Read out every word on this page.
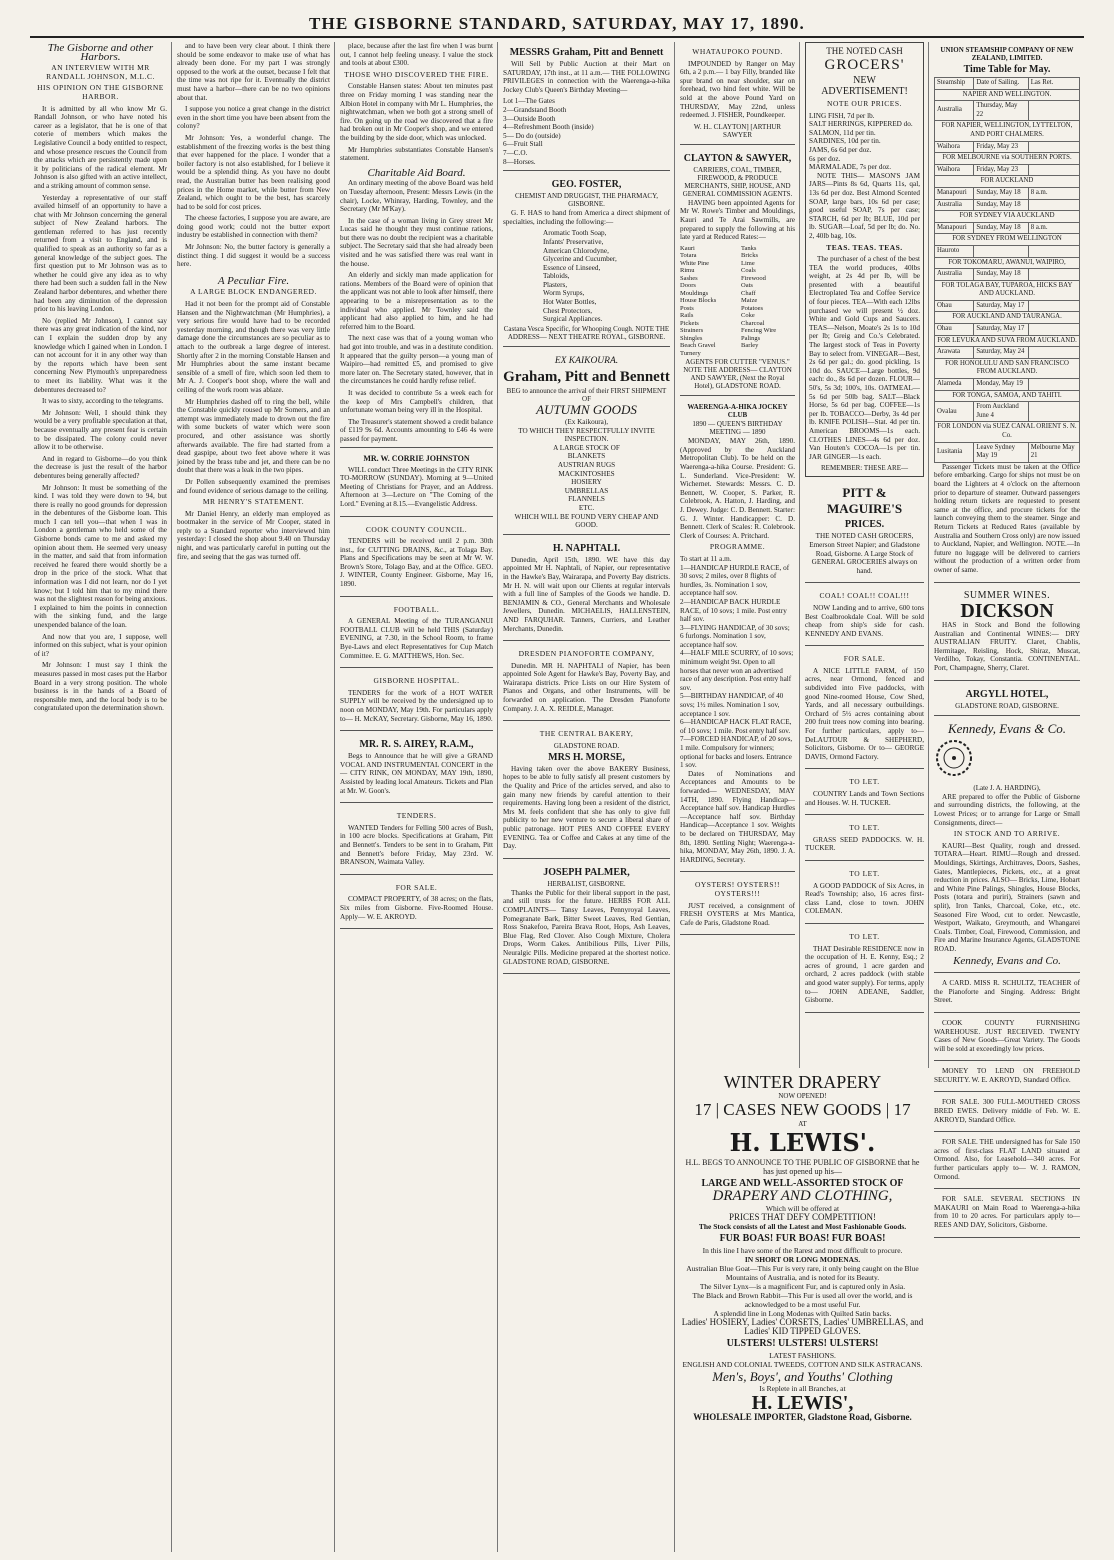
THE GISBORNE STANDARD, SATURDAY, MAY 17, 1890.
The Gisborne and other Harbors.
AN INTERVIEW WITH MR RANDALL JOHNSON, M.L.C.
HIS OPINION ON THE GISBORNE HARBOR.

It is admitted by all who know Mr G. Randall Johnson, or who have noted his career as a legislator, that he is one of that coterie of members which makes the Legislative Council a body entitled to respect, and whose presence rescues the Council from the attacks which are persistently made upon it by politicians of the radical element. Mr Johnson is also gifted with an active intellect, and a striking amount of common sense.

Yesterday a representative of our staff availed himself of an opportunity to have a chat with Mr Johnson concerning the general subject of New Zealand harbors. The gentleman referred to has just recently returned from a visit to England, and is qualified to speak as an authority so far as a general knowledge of the subject goes. The first question put to Mr Johnson was as to whether he could give any idea as to why there had been such a sudden fall in the New Zealand harbor debentures, and whether there had been any diminution of the depression prior to his leaving London.

No (replied Mr Johnson), I cannot say there was any great indication of the kind, nor can I explain the sudden drop by any knowledge which I gained when in London. I can not account for it in any other way than by the reports which have been sent concerning New Plymouth's unpreparedness to meet its liability. What was it the debentures decreased to?

It was to sixty, according to the telegrams.

Mr Johnson: Well, I should think they would be a very profitable speculation at that, because eventually any present fear is certain to be dissipated. The colony could never allow it to be otherwise.

And in regard to Gisborne—do you think the decrease is just the result of the harbor debentures being generally affected?

Mr Johnson: It must be something of the kind. I was told they were down to 94, but there is really no good grounds for depression in the debentures of the Gisborne loan. This much I can tell you—that when I was in London a gentleman who held some of the Gisborne bonds came to me and asked my opinion about them. He seemed very uneasy in the matter, and said that from information received he feared there would shortly be a drop in the price of the stock. What that information was I did not learn, nor do I yet know; but I told him that to my mind there was not the slightest reason for being anxious. I explained to him the points in connection with the sinking fund, and the large unexpended balance of the loan.

And now that you are, I suppose, well informed on this subject, what is your opinion of it?

Mr Johnson: I must say I think the measures passed in most cases put the Harbor Board in a very strong position. The whole business is in the hands of a Board of responsible men, and the local body is to be congratulated upon the determination shown.

and to have been very clear about. I think there should be some endeavor to make use of what has already been done. For my part I was strongly opposed to the work at the outset, because I felt that the time was not ripe for it. Eventually the district must have a harbor—there can be no two opinions about that.

I suppose you notice a great change in the district even in the short time you have been absent from the colony?

Mr Johnson: Yes, a wonderful change. The establishment of the freezing works is the best thing that ever happened for the place. I wonder that a boiler factory is not also established, for I believe it would be a splendid thing. As you have no doubt read, the Australian butter has been realising good prices in the Home market, while butter from New Zealand, which ought to be the best, has scarcely had to be sold for cost prices.

The cheese factories, I suppose you are aware, are doing good work; could not the butter export industry be established in connection with them?

Mr Johnson: No, the butter factory is generally a distinct thing. I did suggest it would be a success here.

A Peculiar Fire.
A LARGE BLOCK ENDANGERED.

Had it not been for the prompt aid of Constable Hansen and the Nightwatchman (Mr Humphries), a very serious fire would have had to be recorded yesterday morning, and though there was very little damage done the circumstances are so peculiar as to attach to the outbreak a large degree of interest. Shortly after 2 in the morning Constable Hansen and Mr Humphries about the same instant became sensible of a smell of fire, which soon led them to Mr A. J. Cooper's boot shop, where the wall and ceiling of the work room was ablaze.

Mr Humphries dashed off to ring the bell, while the Constable quickly roused up Mr Somers, and an attempt was immediately made to drown out the fire with some buckets of water which were soon procured, and other assistance was shortly afterwards available. The fire had started from a dead gaspipe, about two feet above where it was joined by the brass tube and jet, and there can be no doubt that there was a leak in the two pipes.

Dr Pollen subsequently examined the premises and found evidence of serious damage to the ceiling.

MR HENRY'S STATEMENT.

Mr Daniel Henry, an elderly man employed as bootmaker in the service of Mr Cooper, stated in reply to a Standard reporter who interviewed him yesterday: I closed the shop about 9.40 on Thursday night, and was particularly careful in putting out the fire, and seeing that the gas was turned off.

place, because after the last fire when I was burnt out, I cannot help feeling uneasy. I value the stock and tools at about £300.

THOSE WHO DISCOVERED THE FIRE.

Constable Hansen states: About ten minutes past three on Friday morning I was standing near the Albion Hotel in company with Mr L. Humphries, the nightwatchman, when we both got a strong smell of fire. On going up the road we discovered that a fire had broken out in Mr Cooper's shop, and we entered the building by the side door, which was unlocked.

Mr Humphries substantiates Constable Hansen's statement.

Charitable Aid Board.

An ordinary meeting of the above Board was held on Tuesday afternoon, Present: Messrs Lewis (in the chair), Locke, Whinray, Harding, Townley, and the Secretary (Mr M'Kay).

In the case of a woman living in Grey street Mr Lucas said he thought they must continue rations, but there was no doubt the recipient was a charitable subject. The Secretary said that she had already been visited and he was satisfied there was real want in the house.

An elderly and sickly man made application for rations. Members of the Board were of opinion that the applicant was not able to look after himself, there appearing to be a misrepresentation as to the individual who applied. Mr Townley said the applicant had also applied to him, and he had referred him to the Board.

The next case was that of a young woman who had got into trouble, and was in a destitute condition. It appeared that the guilty person—a young man of Waipiro—had remitted £5, and promised to give more later on. The Secretary stated, however, that in the circumstances he could hardly refuse relief.

It was decided to contribute 5s a week each for the keep of Mrs Campbell's children, that unfortunate woman being very ill in the Hospital.

The Treasurer's statement showed a credit balance of £119 9s 6d. Accounts amounting to £46 4s were passed for payment.

MR. W. CORRIE JOHNSTON

WILL conduct Three Meetings in the CITY RINK TO-MORROW (SUNDAY). Morning at 9—United Meeting of Christians for Prayer, and an Address. Afternoon at 3—Lecture on "The Coming of the Lord." Evening at 8.15.—Evangelistic Address.

COOK COUNTY COUNCIL.

TENDERS will be received until 2 p.m. 30th inst., for CUTTING DRAINS, &c., at Tolaga Bay. Plans and Specifications may be seen at Mr W. W. Brown's Store, Tolago Bay, and at the Office. GEO. J. WINTER, County Engineer. Gisborne, May 16, 1890.

FOOTBALL.

A GENERAL Meeting of the TURANGANUI FOOTBALL CLUB will be held THIS (Saturday) EVENING, at 7.30, in the School Room, to frame Bye-Laws and elect Representatives for Cup Match Committee. E. G. MATTHEWS, Hon. Sec.

GISBORNE HOSPITAL.

TENDERS for the work of a HOT WATER SUPPLY will be received by the undersigned up to noon on MONDAY, May 19th. For particulars apply to— H. McKAY, Secretary. Gisborne, May 16, 1890.

MR. R. S. AIREY, R.A.M.,

Begs to Announce that he will give a GRAND VOCAL AND INSTRUMENTAL CONCERT in the— CITY RINK, ON MONDAY, MAY 19th, 1890, Assisted by leading local Amateurs. Tickets and Plan at Mr. W. Goon's.

TENDERS.

WANTED Tenders for Felling 500 acres of Bush, in 100 acre blocks. Specifications at Graham, Pitt and Bennett's. Tenders to be sent in to Graham, Pitt and Bennett's before Friday, May 23rd. W. BRANSON, Waimata Valley.

FOR SALE.

COMPACT PROPERTY, of 38 acres; on the flats, Six miles from Gisborne. Five-Roomed House. Apply— W. E. AKROYD.

MESSRS Graham, Pitt and Bennett

Will Sell by Public Auction at their Mart on SATURDAY, 17th inst., at 11 a.m.— THE FOLLOWING PRIVILEGES in connection with the Waerenga-a-hika Jockey Club's Queen's Birthday Meeting—

Lot 1—The Gates
2—Grandstand Booth
3—Outside Booth
4—Refreshment Booth (inside)
5— Do do (outside)
6—Fruit Stall
7—C.O.
8—Horses.
GEO. FOSTER,
CHEMIST AND DRUGGIST, THE PHARMACY, GISBORNE.

G. F. HAS to hand from America a direct shipment of specialties, including the following:—

Aromatic Tooth Soap,
Infants' Preservative,
American Chlorodyne,
Glycerine and Cucumber,
Essence of Linseed,
Tabloids,
Plasters,
Worm Syrups,
Hot Water Bottles,
Chest Protectors,
Surgical Appliances.
Castana Vesca Specific, for Whooping Cough. NOTE THE ADDRESS— NEXT THEATRE ROYAL, GISBORNE.
EX KAIKOURA.
Graham, Pitt and Bennett
BEG to announce the arrival of their FIRST SHIPMENT OF
AUTUMN GOODS
(Ex Kaikoura),
TO WHICH THEY RESPECTFULLY INVITE INSPECTION.
A LARGE STOCK OF
BLANKETS
AUSTRIAN RUGS
MACKINTOSHES
HOSIERY
UMBRELLAS
FLANNELS
ETC.
WHICH WILL BE FOUND VERY CHEAP AND GOOD.
H. NAPHTALI.

Dunedin, April 15th, 1890. WE have this day appointed Mr H. Naphtali, of Napier, our representative in the Hawke's Bay, Wairarapa, and Poverty Bay districts. Mr H. N. will wait upon our Clients at regular intervals with a full line of Samples of the Goods we handle. D. BENJAMIN & CO., General Merchants and Wholesale Jewellers, Dunedin. MICHAELIS, HALLENSTEIN, AND FARQUHAR. Tanners, Curriers, and Leather Merchants, Dunedin.

DRESDEN PIANOFORTE COMPANY,

Dunedin. MR H. NAPHTALI of Napier, has been appointed Sole Agent for Hawke's Bay, Poverty Bay, and Wairarapa districts. Price Lists on our Hire System of Pianos and Organs, and other Instruments, will be forwarded on application. The Dresden Pianoforte Company. J. A. X. REIDLE, Manager.

THE CENTRAL BAKERY,
GLADSTONE ROAD.
MRS H. MORSE,

Having taken over the above BAKERY Business, hopes to be able to fully satisfy all present customers by the Quality and Price of the articles served, and also to gain many new friends by careful attention to their requirements. Having long been a resident of the district, Mrs M. feels confident that she has only to give full publicity to her new venture to secure a liberal share of public patronage. HOT PIES AND COFFEE EVERY EVENING. Tea or Coffee and Cakes at any time of the Day.

JOSEPH PALMER,
HERBALIST, GISBORNE.

Thanks the Public for their liberal support in the past, and still trusts for the future. HERBS FOR ALL COMPLAINTS— Tansy Leaves, Pennyroyal Leaves, Pomegranate Bark, Bitter Sweet Leaves, Red Gentian, Ross Snakefoo, Pareira Brava Root, Hops, Ash Leaves, Blue Flag, Red Clover. Also Cough Mixture, Cholera Drops, Worm Cakes. Antibilious Pills, Liver Pills, Neuralgic Pills. Medicine prepared at the shortest notice. GLADSTONE ROAD, GISBORNE.

WHATAUPOKO POUND.

IMPOUNDED by Ranger on May 6th, a 2 p.m.— 1 bay Filly, branded like spur brand on near shoulder, star on forehead, two hind feet white. Will be sold at the above Pound Yard on THURSDAY, May 22nd, unless redeemed. J. FISHER, Poundkeeper.

W. H.. CLAYTON] [ARTHUR SAWYER
CLAYTON & SAWYER,
CARRIERS, COAL, TIMBER, FIREWOOD, & PRODUCE MERCHANTS, SHIP, HOUSE, AND GENERAL COMMISSION AGENTS.

HAVING been appointed Agents for Mr W. Rowe's Timber and Mouldings, Kauri and Te Arai Sawmills, are prepared to supply the following at his late yard at Reduced Rates:—

Kauri
Totara
White Pine
Rimu
Sashes
Doors
Mouldings
House Blocks
Posts
Rails
Pickets
Strainers
Shingles
Beach Gravel
Turnery
Tanks
Bricks
Lime
Coals
Firewood
Oats
Chaff
Maize
Potatoes
Coke
Charcoal
Fencing Wire
Palings
Barley
AGENTS FOR CUTTER "VENUS." NOTE THE ADDRESS— CLAYTON AND SAWYER, (Next the Royal Hotel), GLADSTONE ROAD.
WAERENGA-A-HIKA JOCKEY CLUB
1890 — QUEEN'S BIRTHDAY MEETING — 1890

MONDAY, MAY 26th, 1890. (Approved by the Auckland Metropolitan Club). To be held on the Waerenga-a-hika Course. President: G. L. Sunderland. Vice-President: W. Wichernet. Stewards: Messrs. C. D. Bennett, W. Cooper, S. Parker, R. Colebrook, A. Hatton, J. Harding, and J. Dewey. Judge: C. D. Bennett. Starter: G. J. Winter. Handicapper: C. D. Bennett. Clerk of Scales: R. Colebrook. Clerk of Courses: A. Pritchard.

PROGRAMME.
To start at 11 a.m.
1—HANDICAP HURDLE RACE, of 30 sovs; 2 miles, over 8 flights of hurdles, 3s. Nomination 1 sov, acceptance half sov.
2—HANDICAP BACK HURDLE RACE, of 10 sovs; 1 mile. Post entry half sov.
3—FLYING HANDICAP, of 30 sovs; 6 furlongs. Nomination 1 sov, acceptance half sov.
4—HALF MILE SCURRY, of 10 sovs; minimum weight 9st. Open to all horses that never won an advertised race of any description. Post entry half sov.
5—BIRTHDAY HANDICAP, of 40 sovs; 1½ miles. Nomination 1 sov, acceptance 1 sov.
6—HANDICAP HACK FLAT RACE, of 10 sovs; 1 mile. Post entry half sov.
7—FORCED HANDICAP, of 20 sovs, 1 mile. Compulsory for winners; optional for backs and losers. Entrance 1 sov.

Dates of Nominations and Acceptances and Amounts to be forwarded— WEDNESDAY, MAY 14TH, 1890. Flying Handicap—Acceptance half sov. Handicap Hurdles—Acceptance half sov. Birthday Handicap—Acceptance 1 sov. Weights to be declared on THURSDAY, May 8th, 1890. Settling Night; Waerenga-a-hika, MONDAY, May 26th, 1890. J. A. HARDING, Secretary.

OYSTERS! OYSTERS!! OYSTERS!!!

JUST received, a consignment of FRESH OYSTERS at Mrs Mantica, Cafe de Paris, Gladstone Road.

THE NOTED CASH
GROCERS'
NEW ADVERTISEMENT!
NOTE OUR PRICES.
LING FISH, 7d per lb.
SALT HERRINGS, KIPPERED do.
SALMON, 11d per tin.
SARDINES, 10d per tin.
JAMS, 6s 6d per doz.
6s per doz.
MARMALADE, 7s per doz.

NOTE THIS— MASON'S JAM JARS—Pints 8s 6d, Quarts 11s, qal, 13s 6d per doz. Best Almond Scented SOAP, large bars, 10s 6d per case; good useful SOAP, 7s per case; STARCH, 6d per lb; BLUE, 10d per lb. SUGAR—Loaf, 5d per lb; do. No. 2, 40lb bag, 10s.

TEAS. TEAS. TEAS.

The purchaser of a chest of the best TEA the world produces, 40lbs weight, at 2s 4d per lb, will be presented with a beautiful Electroplated Tea and Coffee Service of four pieces. TEA—With each 12lbs purchased we will present ½ doz. White and Gold Cups and Saucers. TEAS—Nelson, Moate's 2s 1s to 10d per lb; Greig and Co.'s Celebrated. The largest stock of Teas in Poverty Bay to select from. VINEGAR—Best, 2s 6d per gal.; do. good pickling, 1s 10d do. SAUCE—Large bottles, 9d each: do., 8s 6d per dozen. FLOUR—50's, 5s 3d; 100's, 10s. OATMEAL—5s 6d per 50lb bag. SALT—Black Horse, 5s 6d per bag. COFFEE—1s per lb. TOBACCO—Derby, 3s 4d per lb. KNIFE POLISH—Stat. 4d per tin. American BROOMS—1s each. CLOTHES LINES—4s 6d per doz. Van Houten's COCOA—1s per tin. JAR GINGER—1s each.

REMEMBER: THESE ARE—
PITT & MAGUIRE'S
PRICES.

THE NOTED CASH GROCERS, Emerson Street Napier; and Gladstone Road, Gisborne. A Large Stock of GENERAL GROCERIES always on hand.

COAL! COAL!! COAL!!!

NOW Landing and to arrive, 600 tons Best Coalbrookdale Coal. Will be sold cheap from ship's side for cash. KENNEDY AND EVANS.

FOR SALE.

A NICE LITTLE FARM, of 150 acres, near Ormond, fenced and subdivided into Five paddocks, with good Nine-roomed House, Cow Shed, Yards, and all necessary outbuildings. Orchard of 5½ acres containing about 200 fruit trees now coming into bearing. For further particulars, apply to— DeLAUTOUR & SHEPHERD, Solicitors, Gisborne. Or to— GEORGE DAVIS, Ormond Factory.

TO LET.

COUNTRY Lands and Town Sections and Houses. W. H. TUCKER.

TO LET.

GRASS SEED PADDOCKS. W. H. TUCKER.

TO LET.

A GOOD PADDOCK of Six Acres, in Read's Township; also, 16 acres first-class Land, close to town. JOHN COLEMAN.

TO LET.

THAT Desirable RESIDENCE now in the occupation of H. E. Kenny, Esq.; 2 acres of ground, 1 acre garden and orchard, 2 acres paddock (with stable and good water supply). For terms, apply to— JOHN ADEANE, Saddler, Gisborne.

WINTER DRAPERY
NOW OPENED!
17 | CASES NEW GOODS | 17
AT
H. LEWIS'.
H.L. BEGS TO ANNOUNCE TO THE PUBLIC OF GISBORNE that he has just opened up his—
LARGE AND WELL-ASSORTED STOCK OF
DRAPERY AND CLOTHING,
Which will be offered at
PRICES THAT DEFY COMPETITION!
The Stock consists of all the Latest and Most Fashionable Goods.
FUR BOAS! FUR BOAS! FUR BOAS!
In this line I have some of the Rarest and most difficult to procure.
IN SHORT OR LONG MODENAS.
Australian Blue Goat—This Fur is very rare, it only being caught on the Blue Mountains of Australia, and is noted for its Beauty.
The Silver Lynx—is a magnificent Fur, and is captured only in Asia.
The Black and Brown Rabbit—This Fur is used all over the world, and is acknowledged to be a most useful Fur.
A splendid line in Long Modenas with Quilted Satin backs.
Ladies' HOSIERY, Ladies' CORSETS, Ladies' UMBRELLAS, and Ladies' KID TIPPED GLOVES.
ULSTERS! ULSTERS! ULSTERS!
LATEST FASHIONS.
ENGLISH AND COLONIAL TWEEDS, COTTON AND SILK ASTRACANS.
Men's, Boys', and Youths' Clothing
Is Replete in all Branches, at
H. LEWIS',
WHOLESALE IMPORTER, Gladstone Road, Gisborne.
UNION STEAMSHIP COMPANY OF NEW ZEALAND, LIMITED.
Time Table for May.
Steamship	Date of Sailing.	Las Ret.
NAPIER AND WELLINGTON.		
Australia	Thursday, May 22	
FOR NAPIER, WELLINGTON, LYTTELTON, AND PORT CHALMERS.		
Waihora	Friday, May 23	
FOR MELBOURNE via SOUTHERN PORTS.		
Waihora	Friday, May 23	
FOR AUCKLAND		
Manapouri	Sunday, May 18	8 a.m.
Australia	Sunday, May 18	
FOR SYDNEY VIA AUCKLAND		
Manapouri	Sunday, May 18	8 a.m.
FOR SYDNEY FROM WELLINGTON		
Hauroto		
FOR TOKOMARU, AWANUI, WAIPIRO,		
Australia	Sunday, May 18	
FOR TOLAGA BAY, TUPAROA, HICKS BAY AND AUCKLAND.		
Ohau	Saturday, May 17	
FOR AUCKLAND AND TAURANGA.		
Ohau	Saturday, May 17	
FOR LEVUKA AND SUVA FROM AUCKLAND.		
Arawata	Saturday, May 24	
FOR HONOLULU AND SAN FRANCISCO FROM AUCKLAND.		
Alameda	Monday, May 19	
FOR TONGA, SAMOA, AND TAHITI.		
Ovalau	From Auckland June 4	
FOR LONDON via SUEZ CANAL ORIENT S. N. Co.		
Lusitania	Leave Sydney May 19	Melbourne May 21

Passenger Tickets must be taken at the Office before embarking. Cargo for ships not must be on board the Lighters at 4 o'clock on the afternoon prior to departure of steamer. Outward passengers holding return tickets are requested to present same at the office, and procure tickets for the launch conveying them to the steamer. Singe and Return Tickets at Reduced Rates (available by Australia and Southern Cross only) are now issued to Auckland, Napier, and Wellington. NOTE.—In future no luggage will be delivered to carriers without the production of a written order from owner of same.

SUMMER WINES.
DICKSON

HAS in Stock and Bond the following Australian and Continental WINES:— DRY AUSTRALIAN FRUITY. Claret, Chablis, Hermitage, Reisling, Hock, Shiraz, Muscat, Verdilho, Tokay, Constantia. CONTINENTAL. Port, Champagne, Sherry, Claret.

ARGYLL HOTEL,
GLADSTONE ROAD, GISBORNE.
Kennedy, Evans & Co.
(Late J. A. HARDING),

ARE prepared to offer the Public of Gisborne and surrounding districts, the following, at the Lowest Prices; or to arrange for Large or Small Consignments, direct—

IN STOCK AND TO ARRIVE.

KAURI—Best Quality, rough and dressed. TOTARA—Heart. RIMU—Rough and dressed. Mouldings, Skirtings, Architraves, Doors, Sashes, Gates, Mantlepieces, Pickets, etc., at a great reduction in prices. ALSO— Bricks, Lime, Hobart and White Pine Palings, Shingles, House Blocks, Posts (totara and puriri), Strainers (sawn and split), Iron Tanks, Charcoal, Coke, etc., etc. Seasoned Fire Wood, cut to order. Newcastle, Westport, Waikato, Greymouth, and Whangarei Coals. Timber, Coal, Firewood, Commission, and Fire and Marine Insurance Agents, GLADSTONE ROAD.

Kennedy, Evans and Co.

A CARD. MISS R. SCHULTZ, TEACHER of the Pianoforte and Singing. Address: Bright Street.

COOK COUNTY FURNISHING WAREHOUSE. JUST RECEIVED. TWENTY Cases of New Goods—Great Variety. The Goods will be sold at exceedingly low prices.

MONEY TO LEND ON FREEHOLD SECURITY. W. E. AKROYD, Standard Office.

FOR SALE. 300 FULL-MOUTHED CROSS BRED EWES. Delivery middle of Feb. W. E. AKROYD, Standard Office.

FOR SALE. THE undersigned has for Sale 150 acres of first-class FLAT LAND situated at Ormond. Also, for Leasehold—340 acres. For further particulars apply to— W. J. RAMON, Ormond.

FOR SALE. SEVERAL SECTIONS IN MAKAURI on Main Road to Waerenga-a-hika from 10 to 20 acres. For particulars apply to— REES AND DAY, Solicitors, Gisborne.
